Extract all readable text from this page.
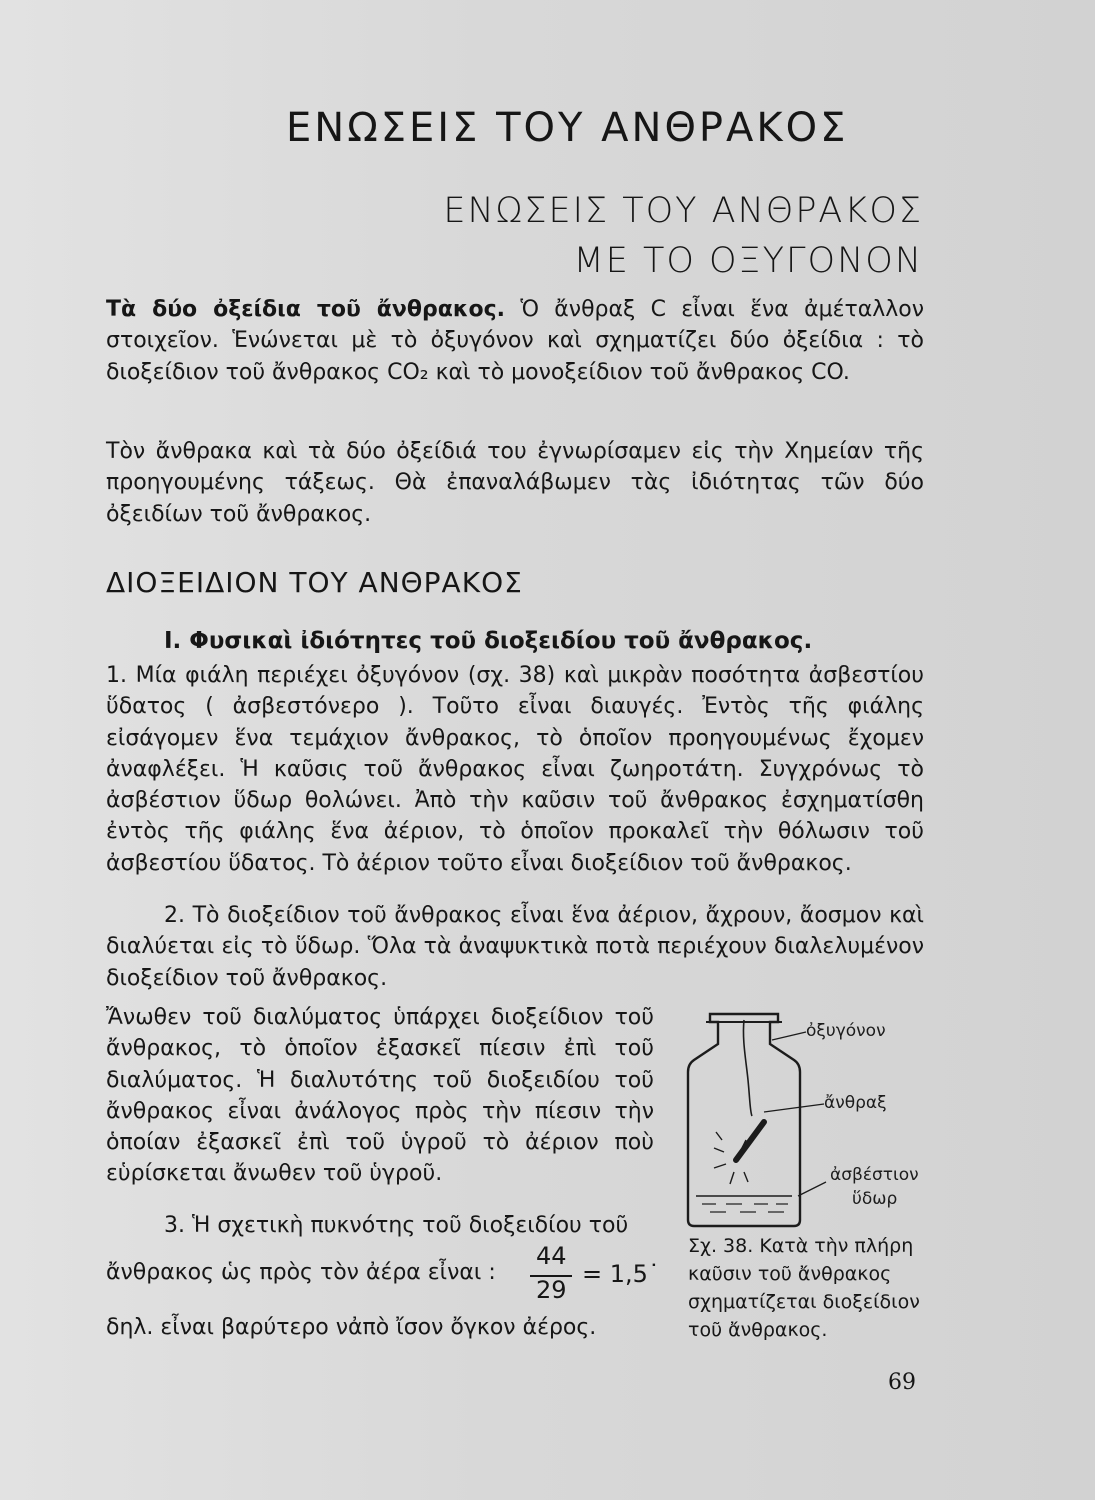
ΕΝΩΣΕΙΣ ΤΟΥ ΑΝΘΡΑΚΟΣ
ΕΝΩΣΕΙΣ ΤΟΥ ΑΝΘΡΑΚΟΣ
ΜΕ ΤΟ ΟΞΥΓΟΝΟΝ
Τὰ δύο ὀξείδια τοῦ ἄνθρακος. Ὁ ἄνθραξ C εἶναι ἕνα ἀμέταλλον στοιχεῖον. Ἑνώνεται μὲ τὸ ὀξυγόνον καὶ σχηματίζει δύο ὀξείδια : τὸ διοξείδιον τοῦ ἄνθρακος CO₂ καὶ τὸ μονοξείδιον τοῦ ἄνθρακος CO.
Τὸν ἄνθρακα καὶ τὰ δύο ὀξείδιά του ἐγνωρίσαμεν εἰς τὴν Χημείαν τῆς προηγουμένης τάξεως. Θὰ ἐπαναλάβωμεν τὰς ἰδιότητας τῶν δύο ὀξειδίων τοῦ ἄνθρακος.
ΔΙΟΞΕΙΔΙΟΝ ΤΟΥ ΑΝΘΡΑΚΟΣ
Ι. Φυσικαὶ ἰδιότητες τοῦ διοξειδίου τοῦ ἄνθρακος.
1. Μία φιάλη περιέχει ὀξυγόνον (σχ. 38) καὶ μικρὰν ποσότητα ἀσβεστίου ὕδατος ( ἀσβεστόνερο ). Τοῦτο εἶναι διαυγές. Ἐντὸς τῆς φιάλης εἰσάγομεν ἕνα τεμάχιον ἄνθρακος, τὸ ὁποῖον προηγουμένως ἔχομεν ἀναφλέξει. Ἡ καῦσις τοῦ ἄνθρακος εἶναι ζωηροτάτη. Συγχρόνως τὸ ἀσβέστιον ὕδωρ θολώνει. Ἀπὸ τὴν καῦσιν τοῦ ἄνθρακος ἐσχηματίσθη ἐντὸς τῆς φιάλης ἕνα ἀέριον, τὸ ὁποῖον προκαλεῖ τὴν θόλωσιν τοῦ ἀσβεστίου ὕδατος. Τὸ ἀέριον τοῦτο εἶναι διοξείδιον τοῦ ἄνθρακος.
2. Τὸ διοξείδιον τοῦ ἄνθρακος εἶναι ἕνα ἀέριον, ἄχρουν, ἄοσμον καὶ διαλύεται εἰς τὸ ὕδωρ. Ὅλα τὰ ἀναψυκτικὰ ποτὰ περιέχουν διαλελυμένον διοξείδιον τοῦ ἄνθρακος.
Ἄνωθεν τοῦ διαλύματος ὑπάρχει διοξείδιον τοῦ ἄνθρακος, τὸ ὁποῖον ἐξασκεῖ πίεσιν ἐπὶ τοῦ διαλύματος. Ἡ διαλυτότης τοῦ διοξειδίου τοῦ ἄνθρακος εἶναι ἀνάλογος πρὸς τὴν πίεσιν τὴν ὁποίαν ἐξασκεῖ ἐπὶ τοῦ ὑγροῦ τὸ ἀέριον ποὺ εὑρίσκεται ἄνωθεν τοῦ ὑγροῦ.
3. Ἡ σχετικὴ πυκνότης τοῦ διοξειδίου τοῦ
ἄνθρακος ὡς πρὸς τὸν ἀέρα εἶναι :
44
29
= 1,5˙
δηλ. εἶναι βαρύτερο νἀπὸ ἴσον ὄγκον ἀέρος.
ὀξυγόνον
ἄνθραξ
ἀσβέστιον
ὕδωρ
Σχ. 38. Κατὰ τὴν πλήρη καῦσιν τοῦ ἄνθρακος σχηματίζεται διοξείδιον τοῦ ἄνθρακος.
69
